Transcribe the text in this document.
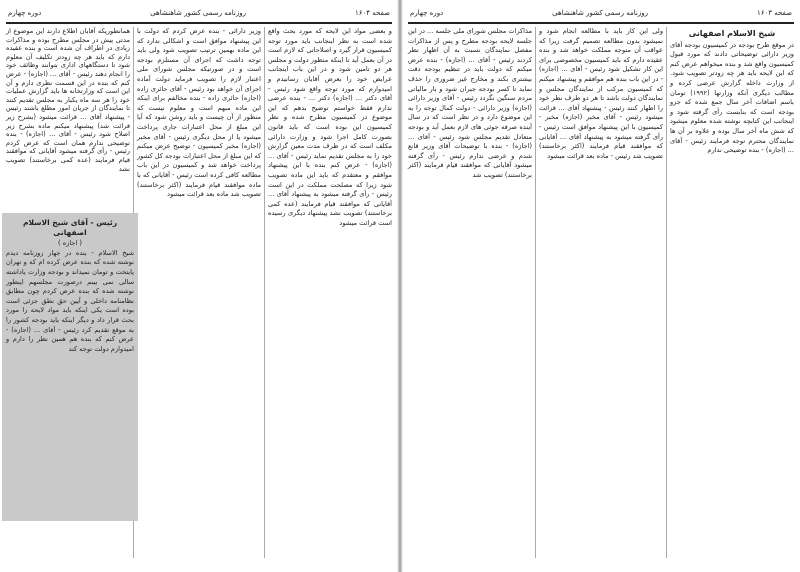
صفحه ۱۶۰۴
روزنامه رسمی کشور شاهنشاهی
دوره چهارم

و بعضی مواد این لایحه که مورد بحث واقع شده است به نظر اینجانب باید مورد توجه کمیسیون قرار گیرد و اصلاحاتی که لازم است در آن بعمل آید تا اینکه منظور دولت و مجلس هر دو تامین شود و در این باب اینجانب عرایض خود را بعرض آقایان رسانیدم و امیدوارم که مورد توجه واقع شود رئیس - آقای دکتر ... (اجازه) دکتر ... - بنده عرضی ندارم فقط خواستم توضیح بدهم که این موضوع در کمیسیون مطرح شده و نظر کمیسیون این بوده است که باید قانون بصورت کامل اجرا شود و وزارت دارائی مکلف است که در ظرف مدت معین گزارش خود را به مجلس تقدیم نماید رئیس - آقای ... (اجازه) - عرض کنم بنده با این پیشنهاد موافقم و معتقدم که باید این ماده تصویب شود زیرا که مصلحت مملکت در این است رئیس - رأی گرفته میشود به پیشنهاد آقای ... آقایانی که موافقند قیام فرمایند (عده کمی برخاستند) تصویب نشد پیشنهاد دیگری رسیده است قرائت میشود

وزیر دارائی - بنده عرض کردم که دولت با این پیشنهاد موافق است و اشکالی ندارد که این ماده بهمین ترتیب تصویب شود ولی باید توجه داشت که اجرای آن مستلزم بودجه است و در صورتیکه مجلس شورای ملی اعتبار لازم را تصویب فرماید دولت آماده اجرای آن خواهد بود رئیس - آقای حائری زاده (اجازه) حائری زاده - بنده مخالفم برای اینکه این ماده مبهم است و معلوم نیست که منظور از آن چیست و باید روشن شود که آیا این مبلغ از محل اعتبارات جاری پرداخت میشود یا از محل دیگری رئیس - آقای مخبر (اجازه) مخبر کمیسیون - توضیح عرض میکنم که این مبلغ از محل اعتبارات بودجه کل کشور پرداخت خواهد شد و کمیسیون در این باب مطالعه کافی کرده است رئیس - آقایانی که با ماده موافقند قیام فرمایند (اکثر برخاستند) تصویب شد ماده بعد قرائت میشود

همانطوریکه آقایان اطلاع دارند این موضوع از مدتی پیش در مجلس مطرح بوده و مذاکرات زیادی در اطراف آن شده است و بنده عقیده دارم که باید هر چه زودتر تکلیف آن معلوم شود تا دستگاههای اداری بتوانند وظائف خود را انجام دهند رئیس - آقای ... (اجازه) - عرض کنم که بنده در این قسمت نظری دارم و آن این است که وزارتخانه ها باید گزارش عملیات خود را هر سه ماه یکبار به مجلس تقدیم کنند تا نمایندگان از جریان امور مطلع باشند رئیس - پیشنهاد آقای ... قرائت میشود (بشرح زیر قرائت شد) پیشنهاد میکنم ماده بشرح زیر اصلاح شود رئیس - آقای ... (اجازه) - بنده توضیحی ندارم همان است که عرض کردم رئیس - رأی گرفته میشود آقایانی که موافقند قیام فرمایند (عده کمی برخاستند) تصویب نشد

رئیس - آقای شیخ الاسلام اصفهانی
( اجازه )
شیخ الاسلام - بنده در جهار روزنامه دیدم نوشته شده که بنده عرض کرده ام که و تهران پایتخت و تومان نمیداند و بودجه وزارت یاداشته سالی نمی بینم درصورت مجلسهم اینطور نوشته شده که بنده عرض کردم چون مطابق نظامنامه داخلی و آیین حق نطق جزئی است بوده است یکی اینکه باید مواد لایحه را مورد بحث قرار داد و دیگر اینکه باید بودجه کشور را به موقع تقدیم کرد رئیس - آقای ... (اجازه) - عرض کنم که بنده هم همین نظر را دارم و امیدوارم دولت توجه کند
صفحه ۱۶۰۳
روزنامه رسمی کشور شاهنشاهی
دوره چهارم
شیخ الاسلام اصفهانی

در موقع طرح بودجه در کمیسیون بودجه آقای وزیر دارائی توضیحاتی دادند که مورد قبول کمیسیون واقع شد و بنده میخواهم عرض کنم که این لایحه باید هر چه زودتر تصویب شود. از وزارت داخله گزارش عرضی کرده و مطالب دیگری آنکه وزارتها (۱۹۹۲) تومان باسم اضافات آخر سال جمع شده که جزو بودجه است که بنابست رأی گرفته شود و اینجانب این کتابچه نوشته شده معلوم میشود که شش ماه آخر سال بوده و علاوه بر آن ها نمایندگان محترم توجه فرمایند رئیس - آقای ... (اجازه) - بنده توضیحی ندارم

ولی این کار باید با مطالعه انجام شود و نمیشود بدون مطالعه تصمیم گرفت زیرا که عواقب آن متوجه مملکت خواهد شد و بنده عقیده دارم که باید کمیسیون مخصوصی برای این کار تشکیل شود رئیس - آقای ... (اجازه) - در این باب بنده هم موافقم و پیشنهاد میکنم که کمیسیون مرکب از نمایندگان مجلس و نمایندگان دولت باشد تا هر دو طرف نظر خود را اظهار کنند رئیس - پیشنهاد آقای ... قرائت میشود رئیس - آقای مخبر (اجازه) مخبر - کمیسیون با این پیشنهاد موافق است رئیس - رأی گرفته میشود به پیشنهاد آقای ... آقایانی که موافقند قیام فرمایند (اکثر برخاستند) تصویب شد رئیس - ماده بعد قرائت میشود

مذاکرات مجلس شورای ملی جلسه ... در این جلسه لایحه بودجه مطرح و پس از مذاکرات مفصل نمایندگان نسبت به آن اظهار نظر کردند رئیس - آقای ... (اجازه) - بنده عرض میکنم که دولت باید در تنظیم بودجه دقت بیشتری بکند و مخارج غیر ضروری را حذف نماید تا کسر بودجه جبران شود و بار مالیاتی مردم سنگین نگردد رئیس - آقای وزیر دارائی (اجازه) وزیر دارائی - دولت کمال توجه را به این موضوع دارد و در نظر است که در سال آینده صرفه جوئی های لازم بعمل آید و بودجه متعادل تقدیم مجلس شود رئیس - آقای ... (اجازه) - بنده با توضیحات آقای وزیر قانع شدم و عرضی ندارم رئیس - رأی گرفته میشود آقایانی که موافقند قیام فرمایند (اکثر برخاستند) تصویب شد
